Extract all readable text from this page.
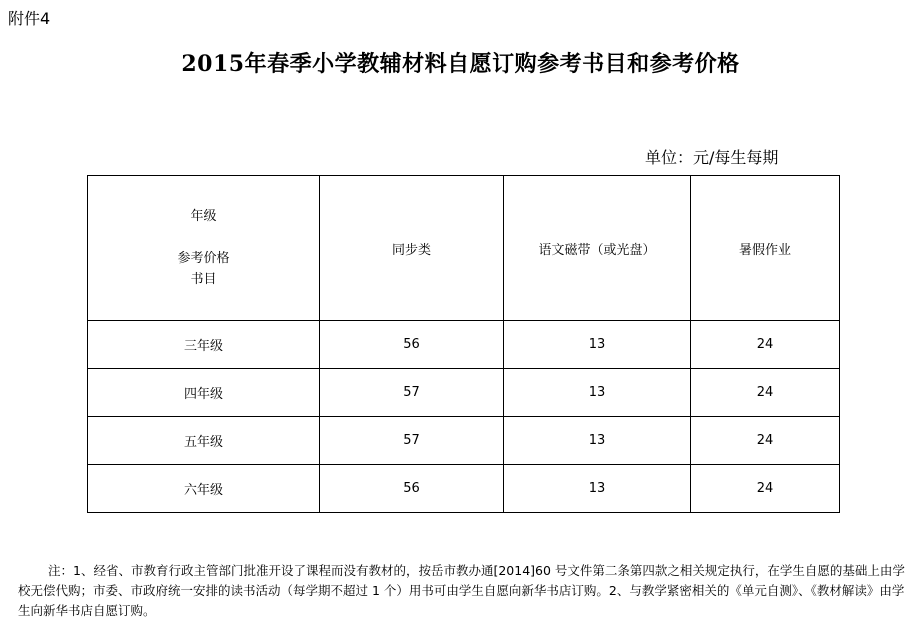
附件4
2015年春季小学教辅材料自愿订购参考书目和参考价格
单位：元/每生每期
年级
参考价格
书目	同步类	语文磁带（或光盘）	暑假作业
三年级	56	13	24
四年级	57	13	24
五年级	57	13	24
六年级	56	13	24
注：1、经省、市教育行政主管部门批准开设了课程而没有教材的，按岳市教办通[2014]60 号文件第二条第四款之相关规定执行，在学生自愿的基础上由学校无偿代购；市委、市政府统一安排的读书活动（每学期不超过 1 个）用书可由学生自愿向新华书店订购。2、与教学紧密相关的《单元自测》、《教材解读》由学生向新华书店自愿订购。
